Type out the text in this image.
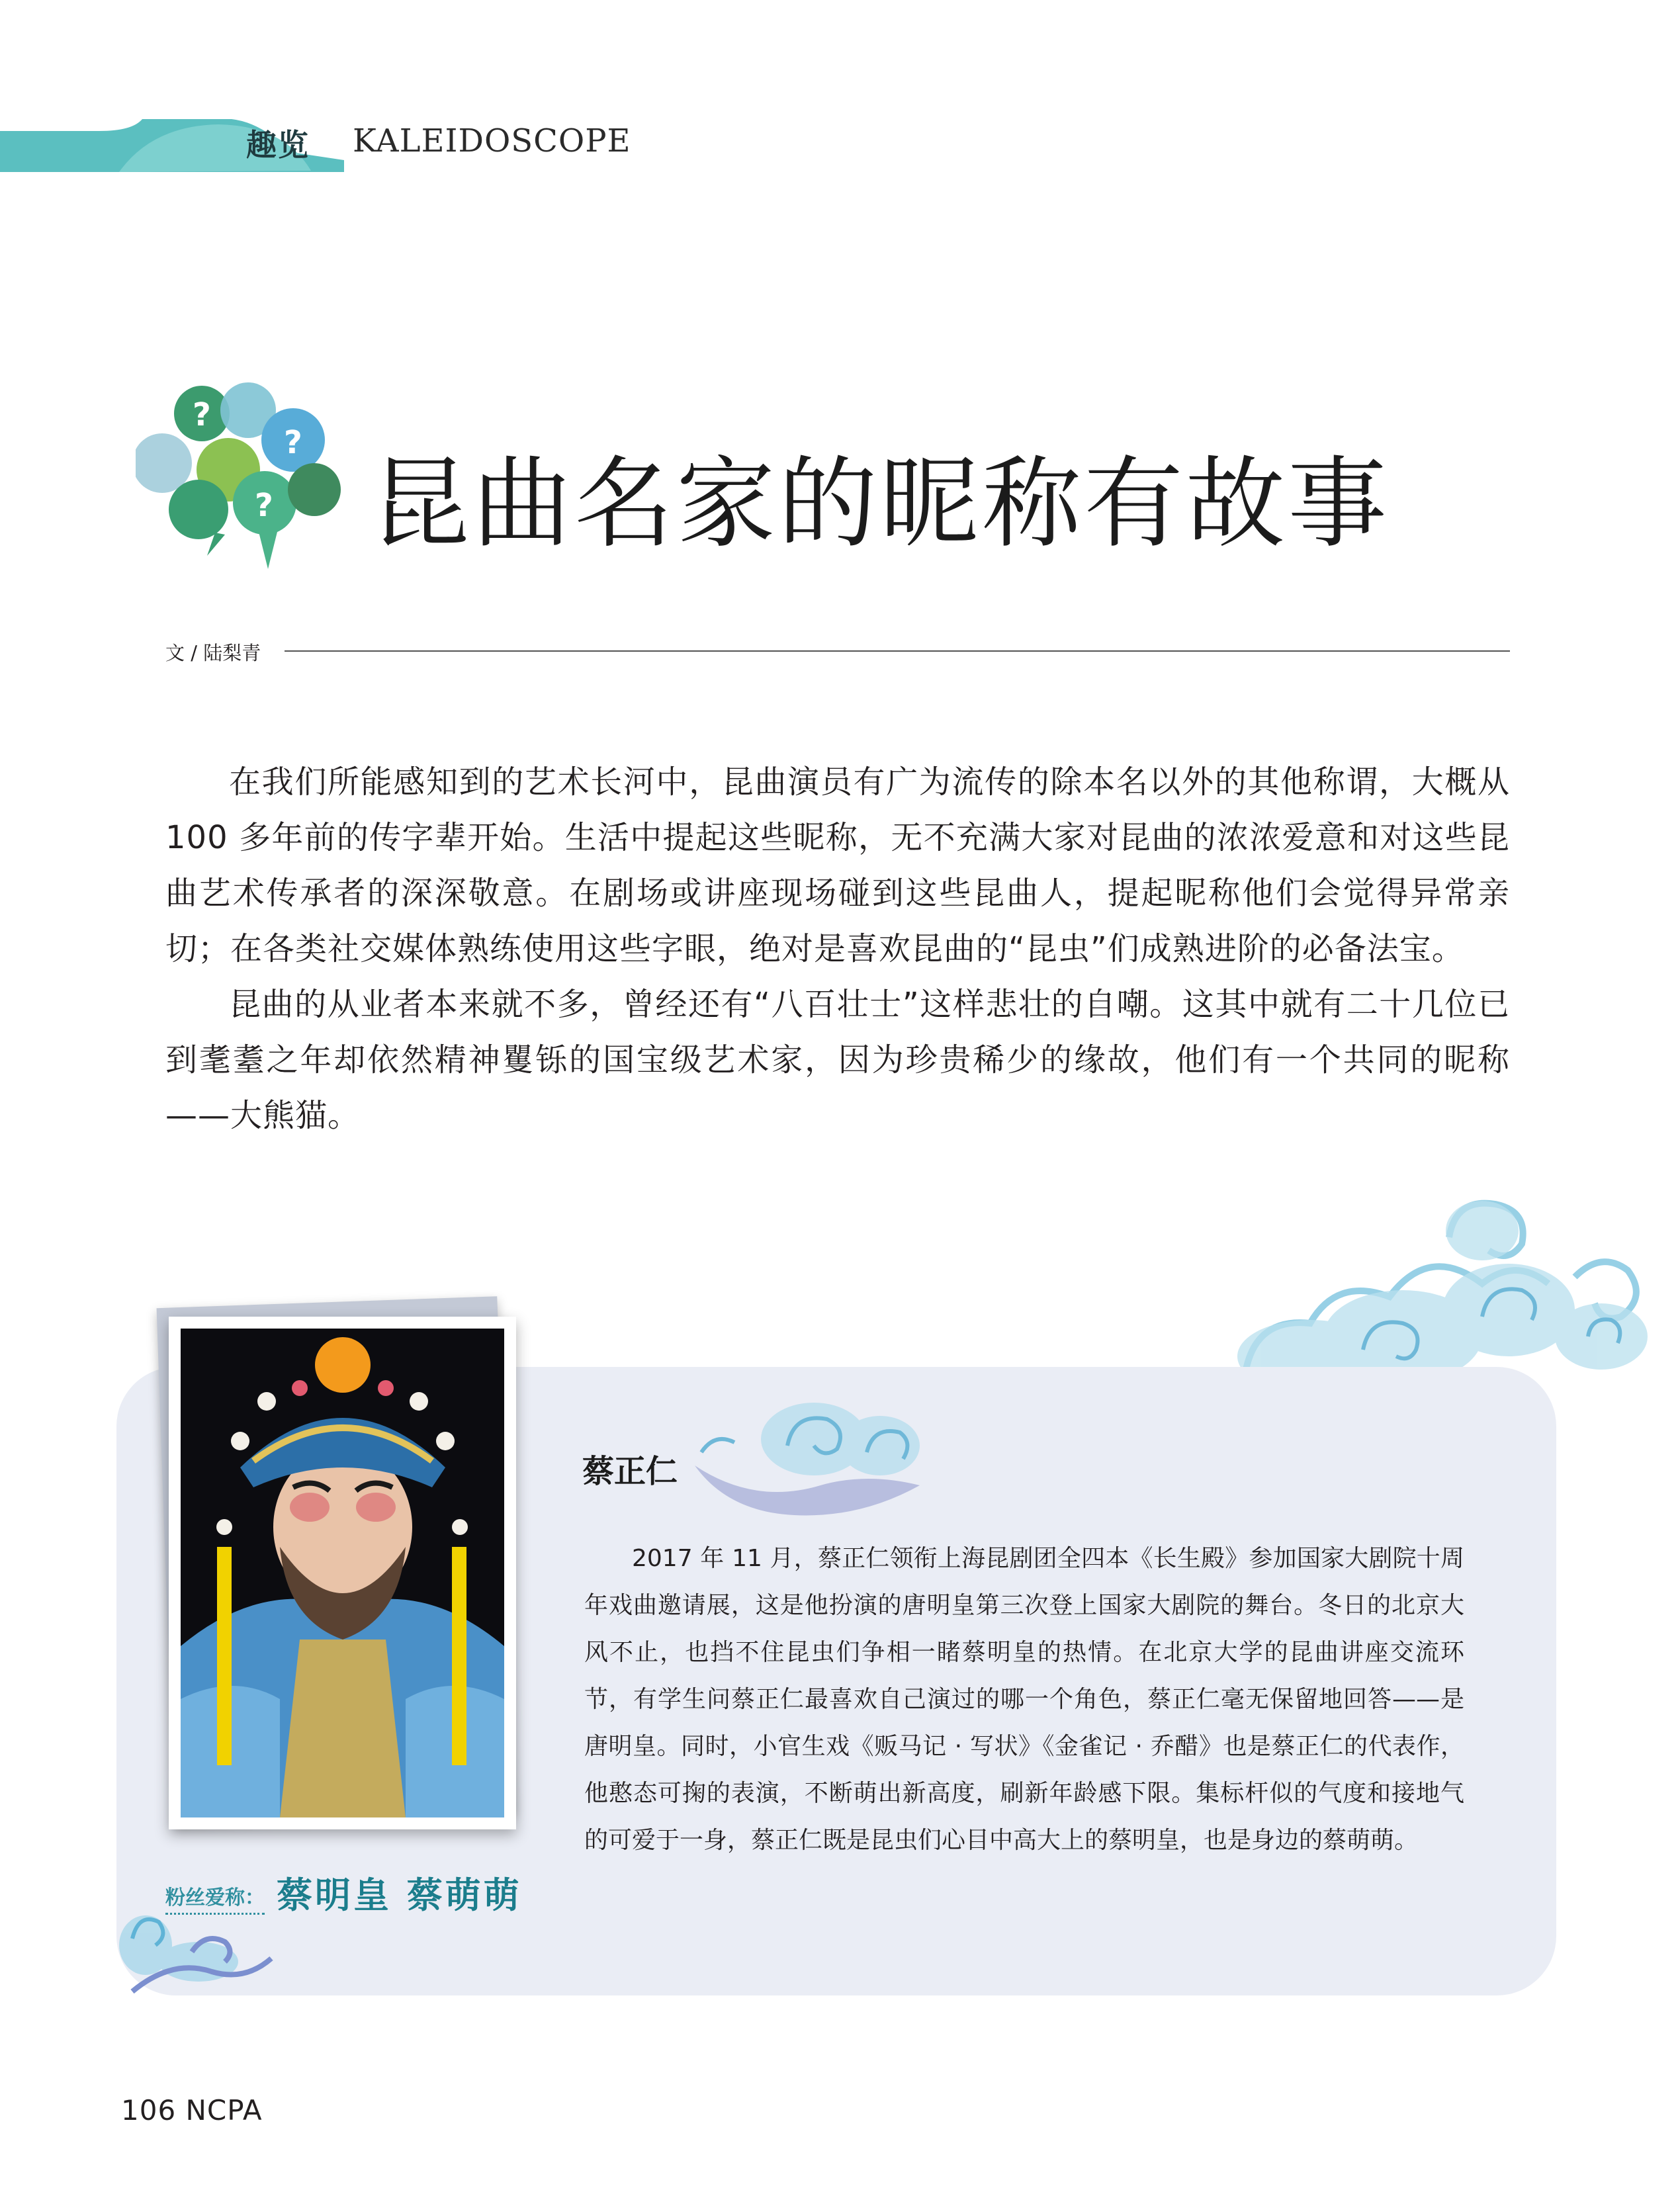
趣览 KALEIDOSCOPE
?
?
? 昆曲名家的昵称有故事
文 / 陆梨青

在我们所能感知到的艺术长河中，昆曲演员有广为流传的除本名以外的其他称谓，大概从 100 多年前的传字辈开始。生活中提起这些昵称，无不充满大家对昆曲的浓浓爱意和对这些昆曲艺术传承者的深深敬意。在剧场或讲座现场碰到这些昆曲人，提起昵称他们会觉得异常亲切；在各类社交媒体熟练使用这些字眼，绝对是喜欢昆曲的“昆虫”们成熟进阶的必备法宝。

昆曲的从业者本来就不多，曾经还有“八百壮士”这样悲壮的自嘲。这其中就有二十几位已到耄耋之年却依然精神矍铄的国宝级艺术家，因为珍贵稀少的缘故，他们有一个共同的昵称——大熊猫。

粉丝爱称： 蔡明皇 蔡萌萌
蔡正仁

2017 年 11 月，蔡正仁领衔上海昆剧团全四本《长生殿》参加国家大剧院十周年戏曲邀请展，这是他扮演的唐明皇第三次登上国家大剧院的舞台。冬日的北京大风不止，也挡不住昆虫们争相一睹蔡明皇的热情。在北京大学的昆曲讲座交流环节，有学生问蔡正仁最喜欢自己演过的哪一个角色，蔡正仁毫无保留地回答——是唐明皇。同时，小官生戏《贩马记 · 写状》《金雀记 · 乔醋》也是蔡正仁的代表作，他憨态可掬的表演，不断萌出新高度，刷新年龄感下限。集标杆似的气度和接地气的可爱于一身，蔡正仁既是昆虫们心目中高大上的蔡明皇，也是身边的蔡萌萌。

106 NCPA
